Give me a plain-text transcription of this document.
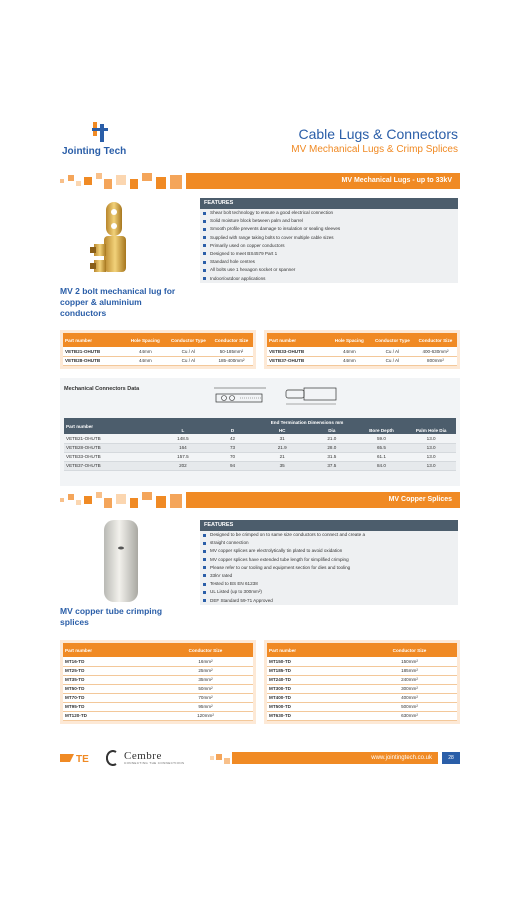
Jointing Tech
Cable Lugs & Connectors
MV Mechanical Lugs & Crimp Splices
MV Mechanical Lugs - up to 33kV
MV 2 bolt mechanical lug for copper & aluminium conductors
FEATURES
Shear bolt technology to ensure a good electrical connection
Solid moisture block between palm and barrel
Smooth profile prevents damage to insulation or sealing sleeves
Supplied with range taking bolts to cover multiple cable sizes
Primarily used on copper conductors
Designed to meet BS4579 Part 1
Standard hole centres
All bolts use 1 hexagon socket or spanner
Indoor/outdoor applications
Part number	Hole Spacing	Conductor Type	Conductor Size
VETB21-OHUTB	44mm	Cu / Al	50-185mm²
VETB28-OHUTB	44mm	Cu / Al	185-400mm²
Part number	Hole Spacing	Conductor Type	Conductor Size
VETB33-OHUTB	44mm	Cu / Al	400-630mm²
VETB37-OHUTB	44mm	Cu / Al	800mm²
Mechanical Connectors Data
Part number	End Termination Dimensions mm					
	L	D	HC	Dia	Bore Depth	Palm Hole Dia
VETB21-OHUTB	148.5	42	31	21.0	59.0	13.0
VETB28-OHUTB	164	73	21.9	28.0	65.5	13.0
VETB33-OHUTB	157.5	70	21	31.5	61.1	13.0
VETB37-OHUTB	202	94	35	37.5	84.0	13.0
MV Copper Splices
MV copper tube crimping splices
FEATURES
Designed to be crimped on to same size conductors to connect and create a
straight connection
MV copper splices are electrolytically tin plated to avoid oxidation
MV copper splices have extended tube length for simplified crimping
Please refer to our tooling and equipment section for dies and tooling
33kV rated
Tested to BS EN 61238
UL Listed (up to 300mm²)
DEF Standard 59-71 Approved
Part number	Conductor Size
MT16-TD	16mm²
MT25-TD	25mm²
MT35-TD	35mm²
MT50-TD	50mm²
MT70-TD	70mm²
MT95-TD	95mm²
MT120-TD	120mm²
Part number	Conductor Size
MT150-TD	150mm²
MT185-TD	185mm²
MT240-TD	240mm²
MT300-TD	300mm²
MT400-TD	400mm²
MT500-TD	500mm²
MT630-TD	630mm²
TE	Cembre
CONNECTING THE CONNECTIONS
www.jointingtech.co.uk	28
